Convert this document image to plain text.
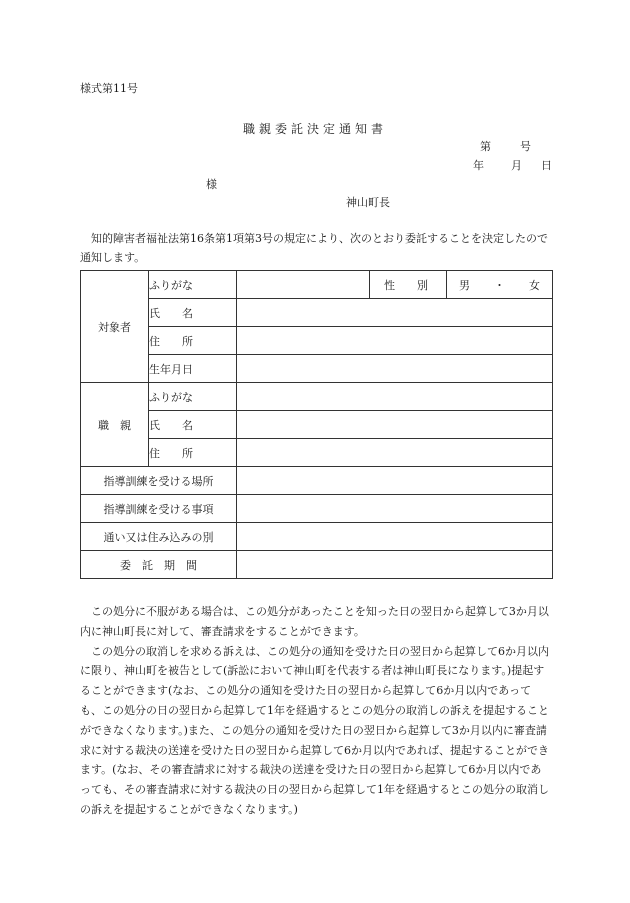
様式第11号
職親委託決定通知書
第	号
年 月 日
様
神山町長
知的障害者福祉法第16条第1項第3号の規定により、次のとおり委託することを決定したので通知します。
対象者	ふりがな		性　　別	男 ・ 女

	氏　　名			
	住　　所			
	生年月日			
職　親	ふりがな			
	氏　　名			
	住　　所			
指導訓練を受ける場所				
指導訓練を受ける事項				
通い又は住み込みの別				
委　託　期　間				

この処分に不服がある場合は、この処分があったことを知った日の翌日から起算して3か月以内に神山町長に対して、審査請求をすることができます。

この処分の取消しを求める訴えは、この処分の通知を受けた日の翌日から起算して6か月以内に限り、神山町を被告として(訴訟において神山町を代表する者は神山町長になります。)提起することができます(なお、この処分の通知を受けた日の翌日から起算して6か月以内であっても、この処分の日の翌日から起算して1年を経過するとこの処分の取消しの訴えを提起することができなくなります。)また、この処分の通知を受けた日の翌日から起算して3か月以内に審査請求に対する裁決の送達を受けた日の翌日から起算して6か月以内であれば、提起することができます。(なお、その審査請求に対する裁決の送達を受けた日の翌日から起算して6か月以内であっても、その審査請求に対する裁決の日の翌日から起算して1年を経過するとこの処分の取消しの訴えを提起することができなくなります。)
